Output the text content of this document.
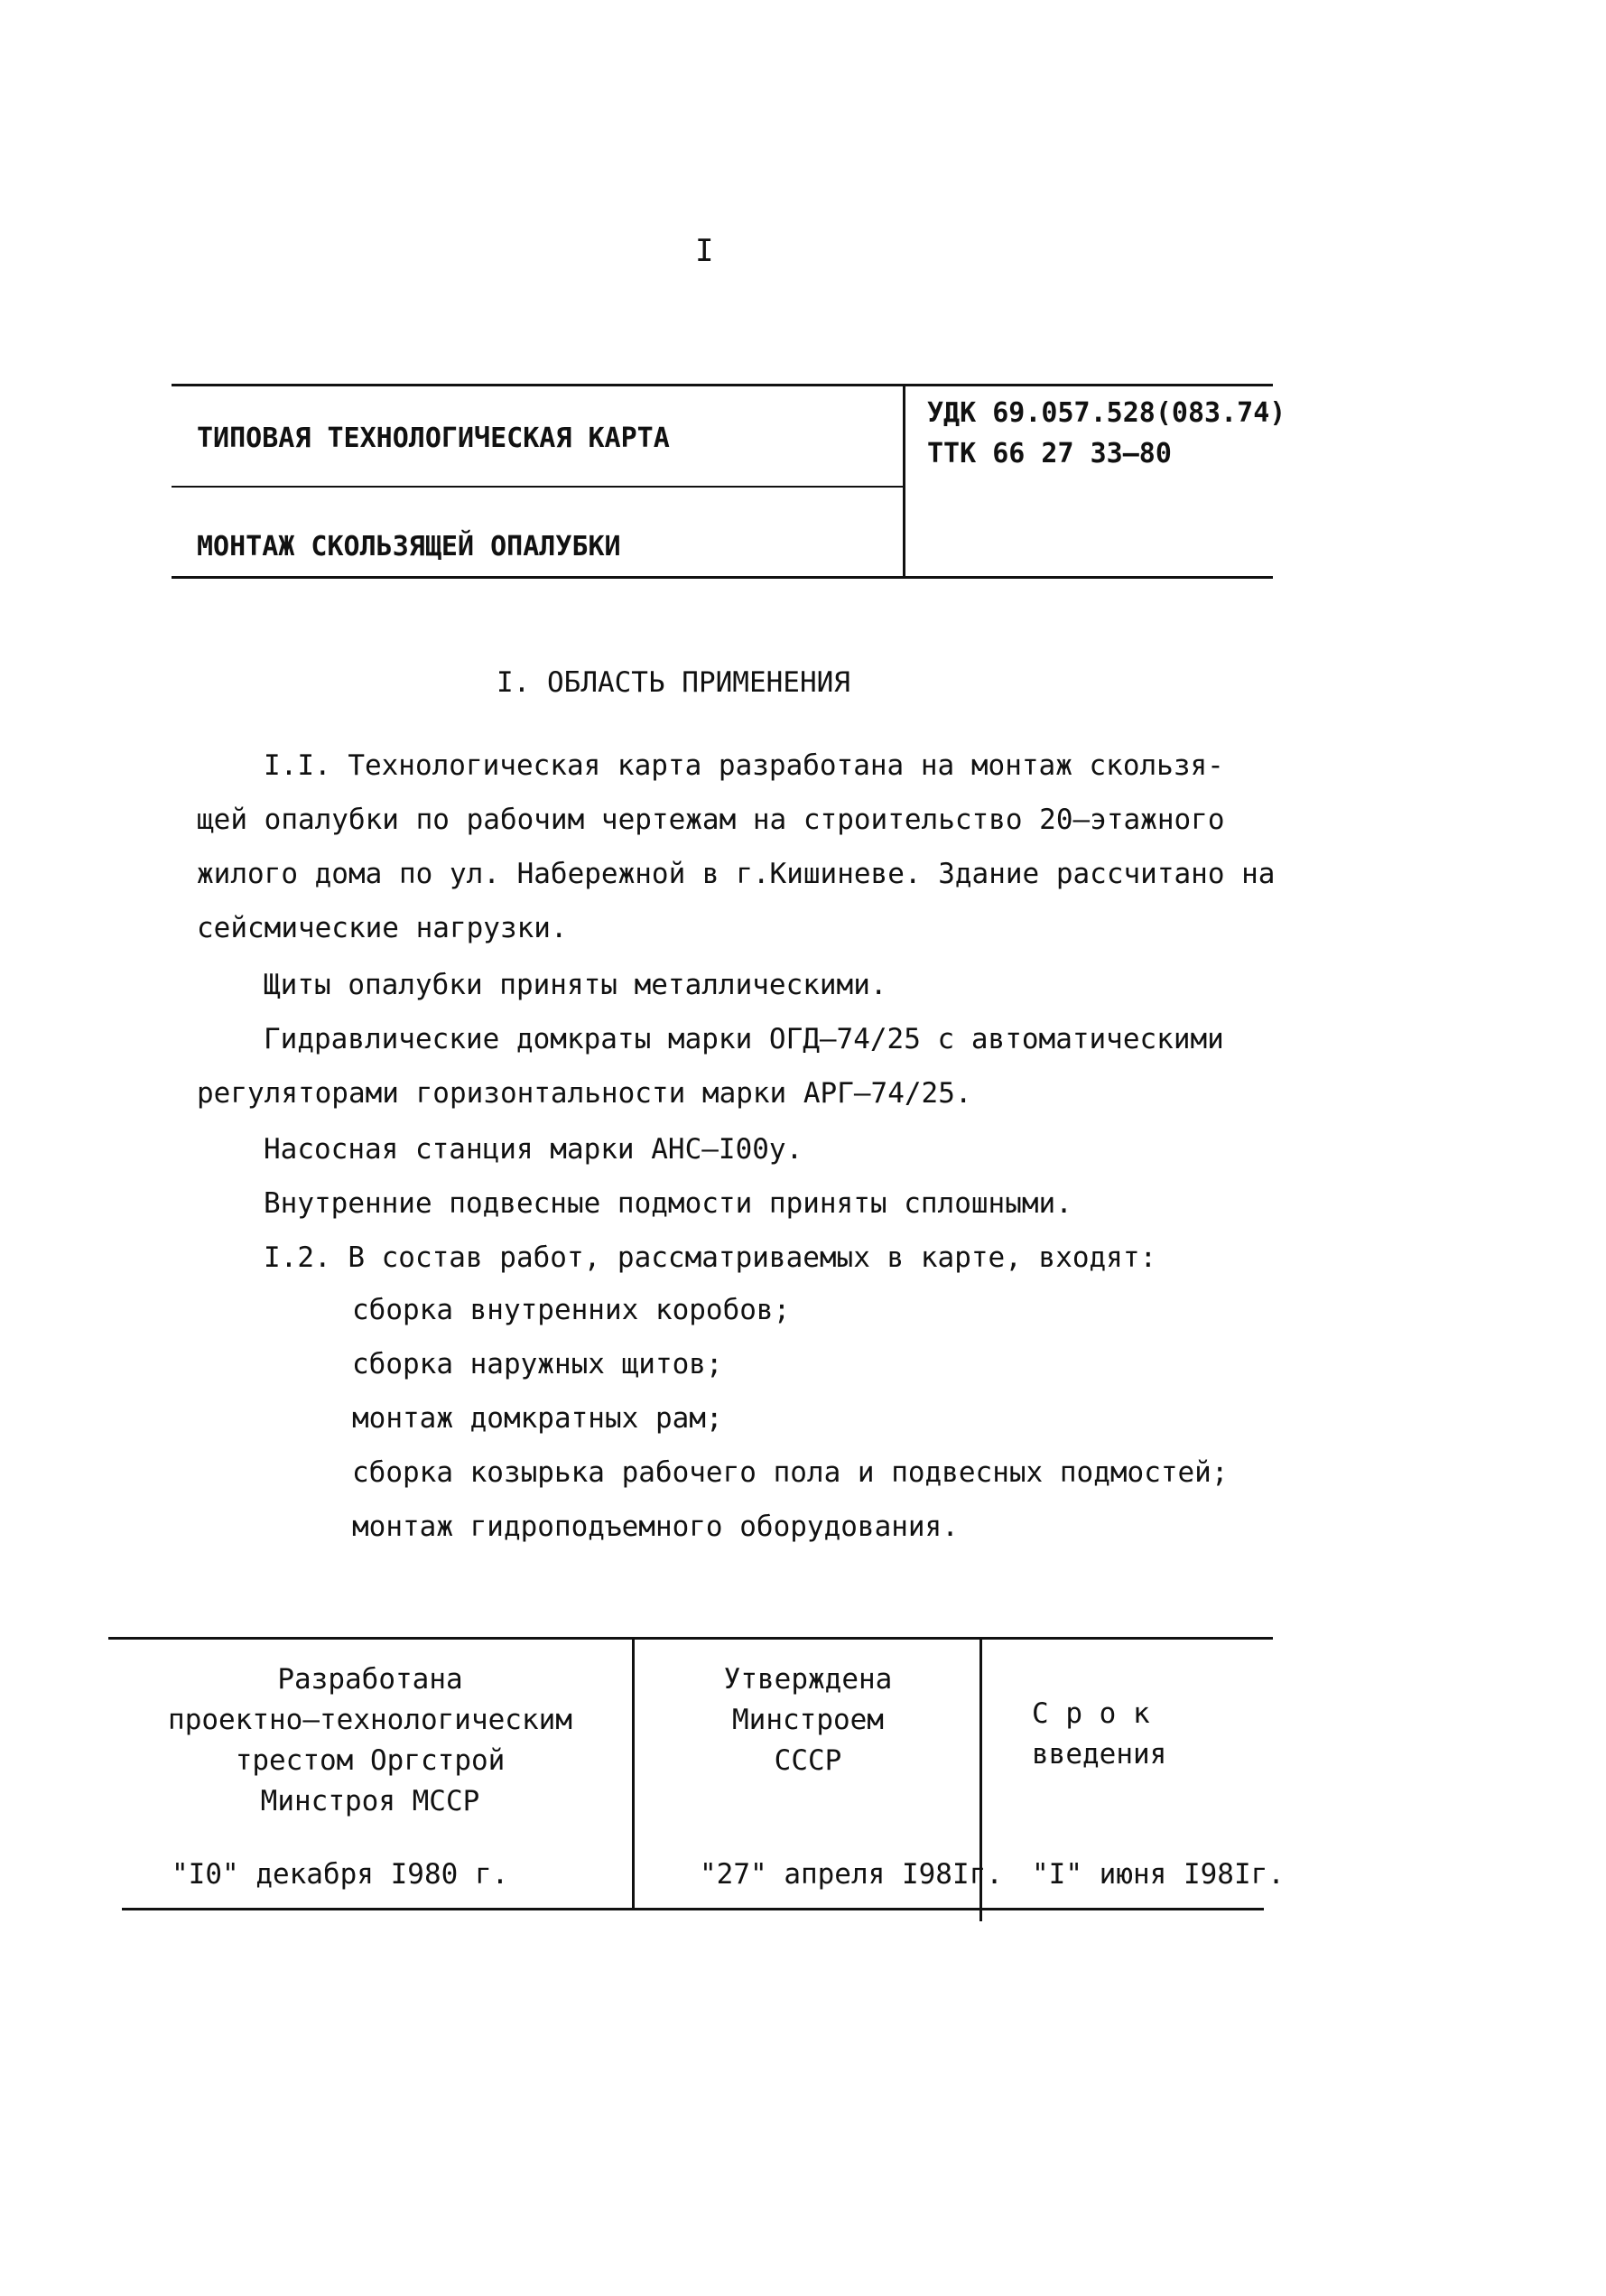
I
ТИПОВАЯ ТЕХНОЛОГИЧЕСКАЯ КАРТА
МОНТАЖ СКОЛЬЗЯЩЕЙ ОПАЛУБКИ
УДК 69.057.528(083.74)
ТТК 66 27 33–80
I. ОБЛАСТЬ ПРИМЕНЕНИЯ
I.I. Технологическая карта разработана на монтаж скользя-
щей опалубки по рабочим чертежам на строительство 20–этажного
жилого дома по ул. Набережной в г.Кишиневе. Здание рассчитано на
сейсмические нагрузки.
Щиты опалубки приняты металлическими.
Гидравлические домкраты марки ОГД–74/25 с автоматическими
регуляторами горизонтальности марки АРГ–74/25.
Насосная станция марки АНС–I00у.
Внутренние подвесные подмости приняты сплошными.
I.2. В состав работ, рассматриваемых в карте, входят:
сборка внутренних коробов;
сборка наружных щитов;
монтаж домкратных рам;
сборка козырька рабочего пола и подвесных подмостей;
монтаж гидроподъемного оборудования.
Разработана
проектно–технологическим
трестом Оргстрой
Минстроя МССР
"I0" декабря I980 г.
Утверждена
Минстроем
СССР
"27" апреля I98Iг.
С р о к
введения
"I" июня I98Iг.
